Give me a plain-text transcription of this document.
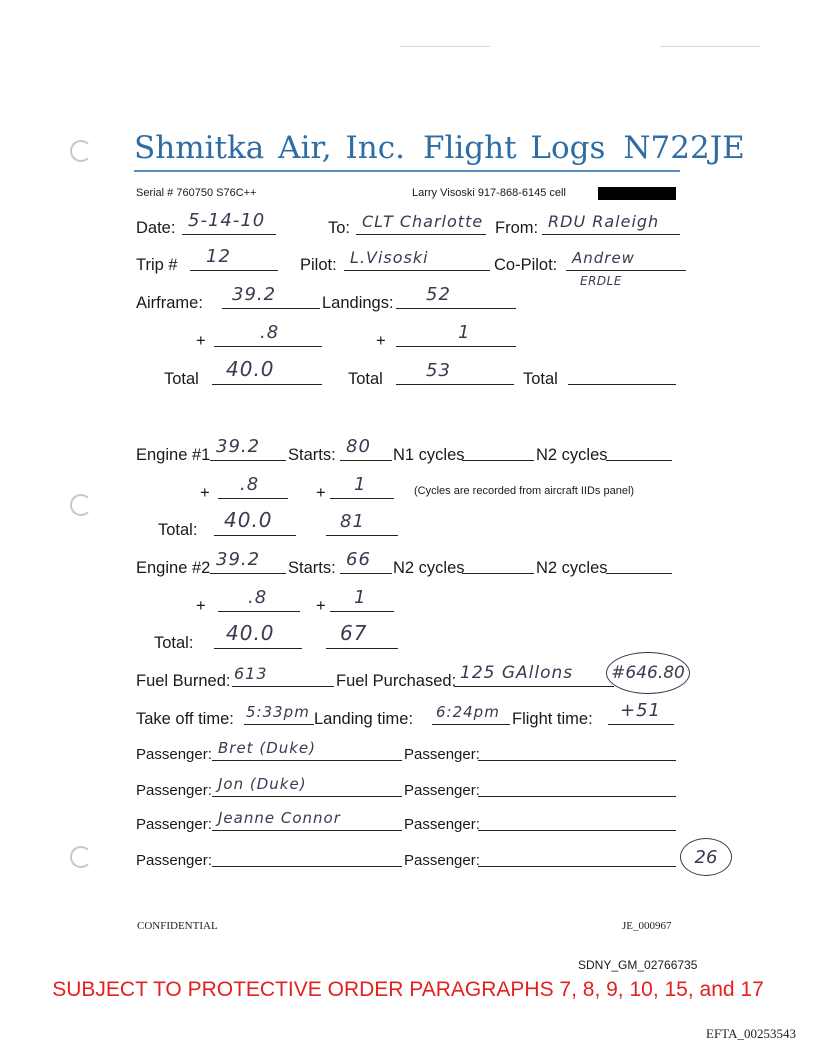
Shmitka Air, Inc. Flight Logs N722JE
Serial # 760750 S76C++	Larry Visoski 917-868-6145 cell
Date: 5-14-10	To: CLT Charlotte From: RDU Raleigh
Trip # 12	Pilot: L.Visoski	Co-Pilot: Andrew
ERDLE
Airframe: 39.2	Landings: 52
+	.8	+	1
Total 40.0	Total 53	Total
Engine #1 39.2 Starts: 80 N1 cycles	N2 cycles
+ .8	+ 1	(Cycles are recorded from aircraft IIDs panel)
Total: 40.0	81
Engine #2 39.2 Starts: 66 N2 cycles	N2 cycles
+ .8	+ 1
Total: 40.0	67
Fuel Burned: 613	Fuel Purchased: 125 GAllons #646.80
Take off time: 5:33pm Landing time: 6:24pm Flight time: +51
Passenger: Bret (Duke)	Passenger:
Passenger: Jon (Duke)	Passenger:
Passenger: Jeanne Connor	Passenger:
Passenger:	Passenger:	26
CONFIDENTIAL	JE_000967
SDNY_GM_02766735
SUBJECT TO PROTECTIVE ORDER PARAGRAPHS 7, 8, 9, 10, 15, and 17
EFTA_00253543
